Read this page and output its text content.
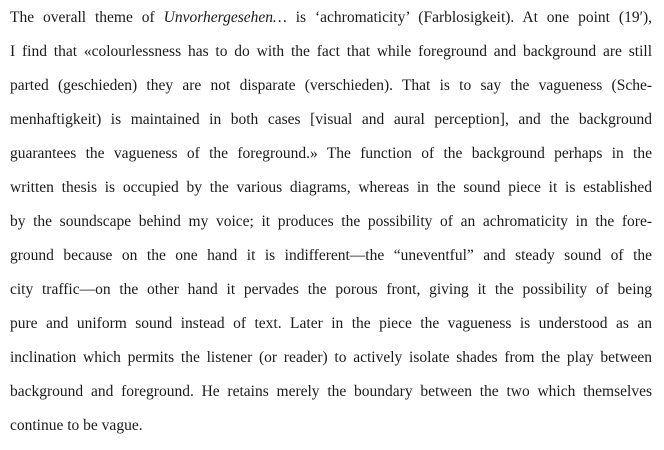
The overall theme of Unvorhergesehen… is ‘achromaticity’ (Farblosigkeit). At one point (19′),
I find that «colourlessness has to do with the fact that while foreground and background are still
parted (geschieden) they are not disparate (verschieden). That is to say the vagueness (Sche-
menhaftigkeit) is maintained in both cases [visual and aural perception], and the background
guarantees the vagueness of the foreground.» The function of the background perhaps in the
written thesis is occupied by the various diagrams, whereas in the sound piece it is established
by the soundscape behind my voice; it produces the possibility of an achromaticity in the fore-
ground because on the one hand it is indifferent—the “uneventful” and steady sound of the
city traffic—on the other hand it pervades the porous front, giving it the possibility of being
pure and uniform sound instead of text. Later in the piece the vagueness is understood as an
inclination which permits the listener (or reader) to actively isolate shades from the play between
background and foreground. He retains merely the boundary between the two which themselves
continue to be vague.
